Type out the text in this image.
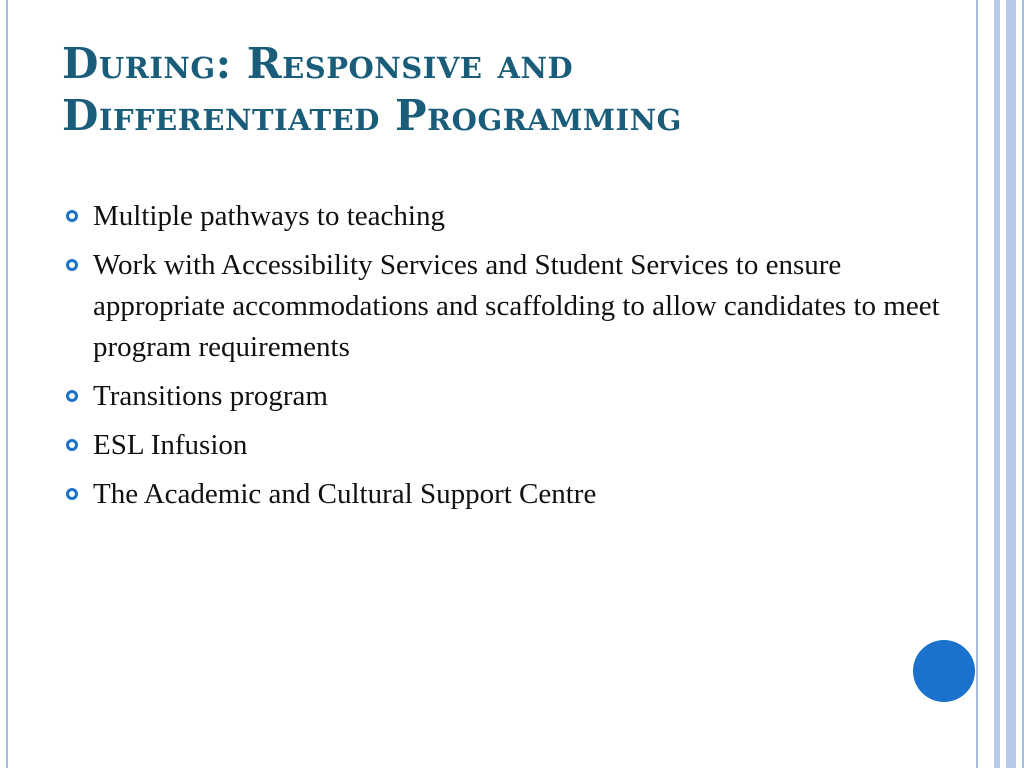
During: Responsive and
Differentiated Programming
Multiple pathways to teaching
Work with Accessibility Services and Student Services to ensure appropriate accommodations and scaffolding to allow candidates to meet program requirements
Transitions program
ESL Infusion
The Academic and Cultural Support Centre
